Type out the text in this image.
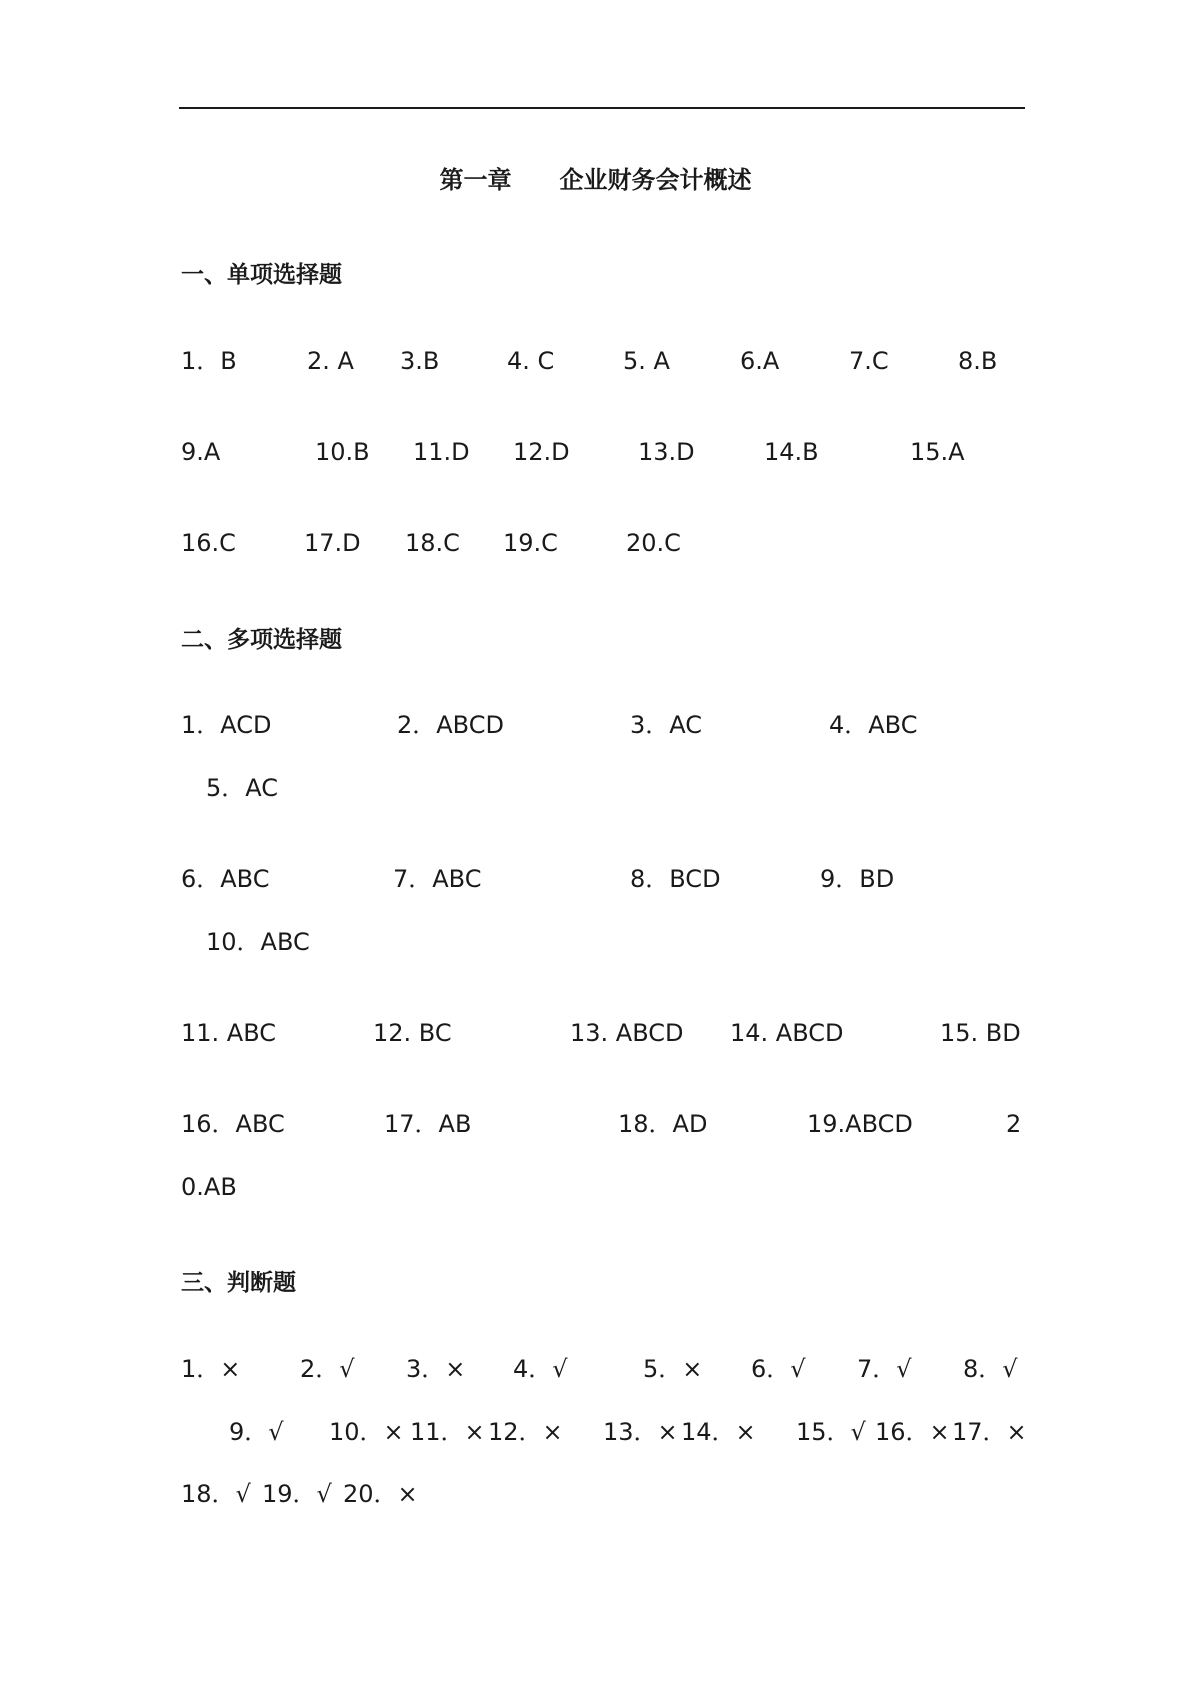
第一章　　企业财务会计概述
一、单项选择题
1．B	2. A 3.B	4. C	5. A	6.A	7.C	8.B
9.A	10.B 11.D 12.D	13.D	14.B	15.A
16.C	17.D 18.C 19.C	20.C
二、多项选择题
1．ACD	2．ABCD	3．AC	4．ABC
5．AC
6．ABC	7．ABC	8．BCD	9．BD
10．ABC
11. ABC	12. BC	13. ABCD 14. ABCD	15. BD
16．ABC	17．AB	18．AD	19.ABCD	2
0.AB
三、判断题
1．× 2．√ 3．× 4．√	5．× 6．√ 7．√ 8．√
9．√ 10．× 11．× 12．× 13．× 14．× 15．√ 16．× 17．×
18．√ 19．√ 20．×
